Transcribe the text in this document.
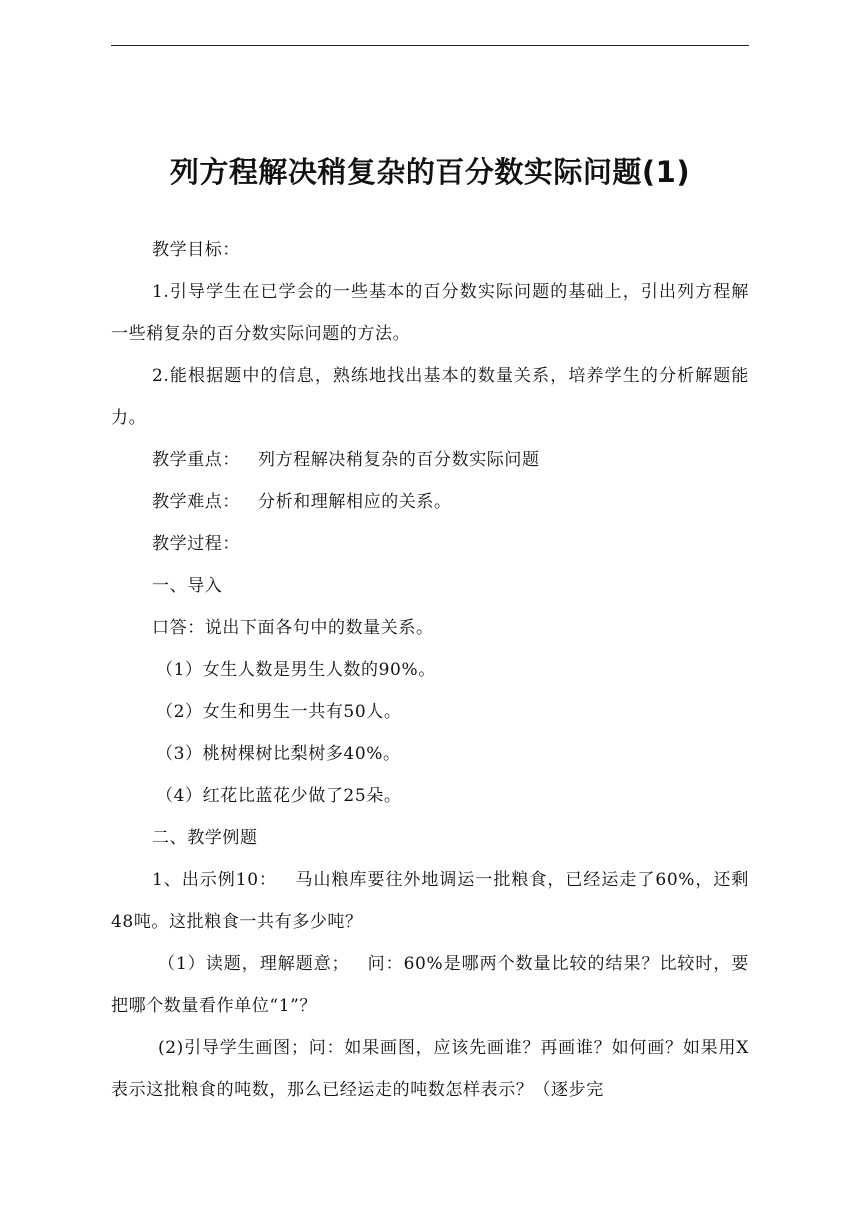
列方程解决稍复杂的百分数实际问题(1)

教学目标：

1.引导学生在已学会的一些基本的百分数实际问题的基础上，引出列方程解一些稍复杂的百分数实际问题的方法。

2.能根据题中的信息，熟练地找出基本的数量关系，培养学生的分析解题能力。

教学重点： 列方程解决稍复杂的百分数实际问题

教学难点： 分析和理解相应的关系。

教学过程：

一、导入

口答：说出下面各句中的数量关系。

（1）女生人数是男生人数的90%。

（2）女生和男生一共有50人。

（3）桃树棵树比梨树多40%。

（4）红花比蓝花少做了25朵。

二、教学例题

1、出示例10： 马山粮库要往外地调运一批粮食，已经运走了60%，还剩48吨。这批粮食一共有多少吨？

（1）读题，理解题意； 问：60%是哪两个数量比较的结果？比较时，要把哪个数量看作单位“1”？

(2)引导学生画图；问：如果画图，应该先画谁？再画谁？如何画？如果用X表示这批粮食的吨数，那么已经运走的吨数怎样表示？（逐步完
